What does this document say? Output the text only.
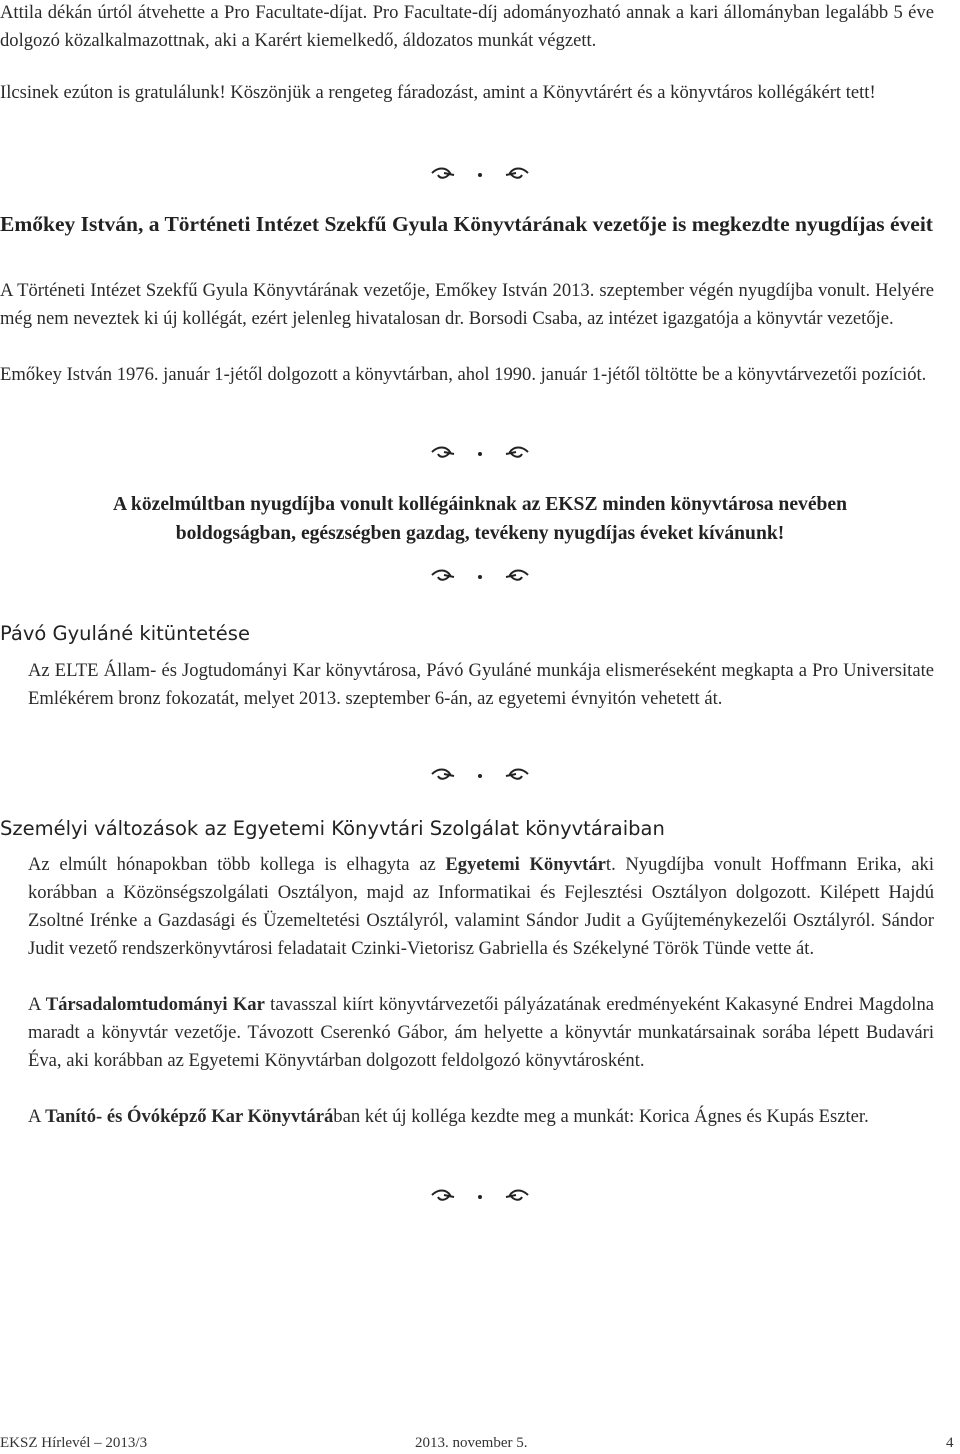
Attila dékán úrtól átvehette a Pro Facultate-díjat. Pro Facultate-díj adományozható annak a kari állományban legalább 5 éve dolgozó közalkalmazottnak, aki a Karért kiemelkedő, áldozatos munkát végzett.

Ilcsinek ezúton is gratulálunk! Köszönjük a rengeteg fáradozást, amint a Könyvtárért és a könyvtáros kollégákért tett!

Emőkey István, a Történeti Intézet Szekfű Gyula Könyvtárának vezetője is megkezdte nyugdíjas éveit

A Történeti Intézet Szekfű Gyula Könyvtárának vezetője, Emőkey István 2013. szeptember végén nyugdíjba vonult. Helyére még nem neveztek ki új kollégát, ezért jelenleg hivatalosan dr. Borsodi Csaba, az intézet igazgatója a könyvtár vezetője.

Emőkey István 1976. január 1-jétől dolgozott a könyvtárban, ahol 1990. január 1-jétől töltötte be a könyvtárvezetői pozíciót.

A közelmúltban nyugdíjba vonult kollégáinknak az EKSZ minden könyvtárosa nevében

boldogságban, egészségben gazdag, tevékeny nyugdíjas éveket kívánunk!

Pávó Gyuláné kitüntetése

Az ELTE Állam- és Jogtudományi Kar könyvtárosa, Pávó Gyuláné munkája elismeréseként megkapta a Pro Universitate Emlékérem bronz fokozatát, melyet 2013. szeptember 6-án, az egyetemi évnyitón vehetett át.

Személyi változások az Egyetemi Könyvtári Szolgálat könyvtáraiban

Az elmúlt hónapokban több kollega is elhagyta az Egyetemi Könyvtárt. Nyugdíjba vonult Hoffmann Erika, aki korábban a Közönségszolgálati Osztályon, majd az Informatikai és Fejlesztési Osztályon dolgozott. Kilépett Hajdú Zsoltné Irénke a Gazdasági és Üzemeltetési Osztályról, valamint Sándor Judit a Gyűjteménykezelői Osztályról. Sándor Judit vezető rendszerkönyvtárosi feladatait Czinki-Vietorisz Gabriella és Székelyné Török Tünde vette át.

A Társadalomtudományi Kar tavasszal kiírt könyvtárvezetői pályázatának eredményeként Kakasyné Endrei Magdolna maradt a könyvtár vezetője. Távozott Cserenkó Gábor, ám helyette a könyvtár munkatársainak sorába lépett Budavári Éva, aki korábban az Egyetemi Könyvtárban dolgozott feldolgozó könyvtárosként.

A Tanító- és Óvóképző Kar Könyvtárában két új kollégа kezdte meg a munkát: Korica Ágnes és Kupás Eszter.

EKSZ Hírlevél – 2013/3	2013. november 5.	4
